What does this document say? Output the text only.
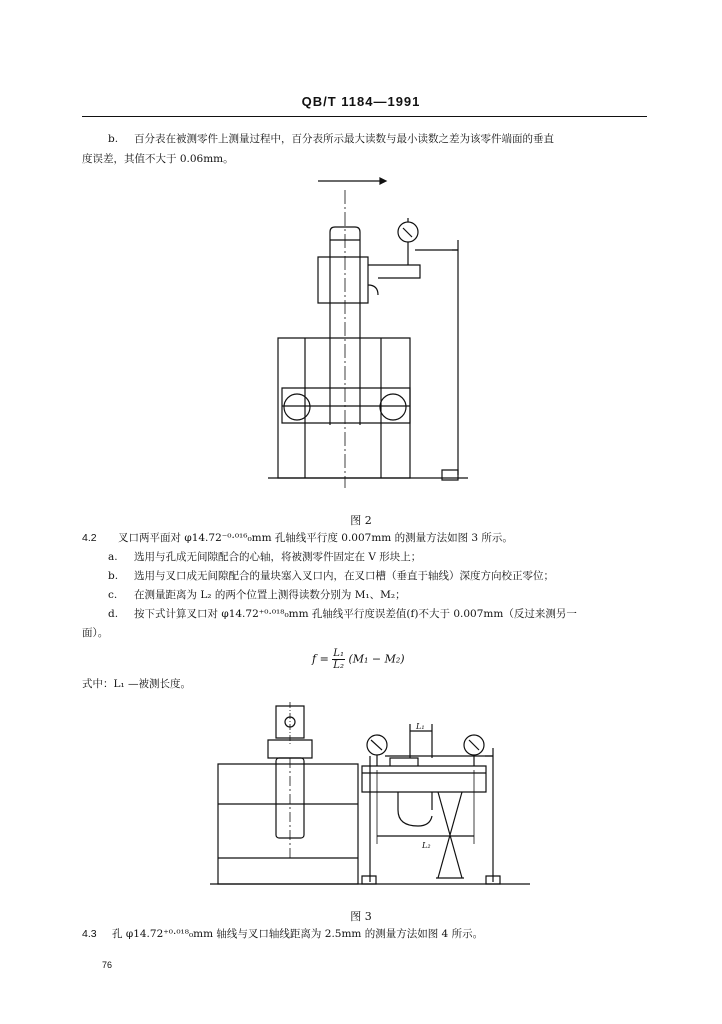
QB/T 1184—1991
b. 百分表在被测零件上测量过程中，百分表所示最大读数与最小读数之差为该零件端面的垂直
度误差，其值不大于 0.06mm。
图 2
4.2 叉口两平面对 φ14.72⁻⁰·⁰¹⁶₀mm 孔轴线平行度 0.007mm 的测量方法如图 3 所示。
a. 选用与孔成无间隙配合的心轴，将被测零件固定在 V 形块上；
b. 选用与叉口成无间隙配合的量块塞入叉口内，在叉口槽（垂直于轴线）深度方向校正零位；
c. 在测量距离为 L₂ 的两个位置上测得读数分别为 M₁、M₂；
d. 按下式计算叉口对 φ14.72⁺⁰·⁰¹⁸₀mm 孔轴线平行度误差值(f)不大于 0.007mm（反过来测另一
面）。
$f = \frac{\text{L₁}}{\text{L₂}} (M_1 - M_2)$
式中：L₁ —被测长度。
L₁
L₂
图 3
4.3 孔 φ14.72⁺⁰·⁰¹⁸₀mm 轴线与叉口轴线距离为 2.5mm 的测量方法如图 4 所示。
76
